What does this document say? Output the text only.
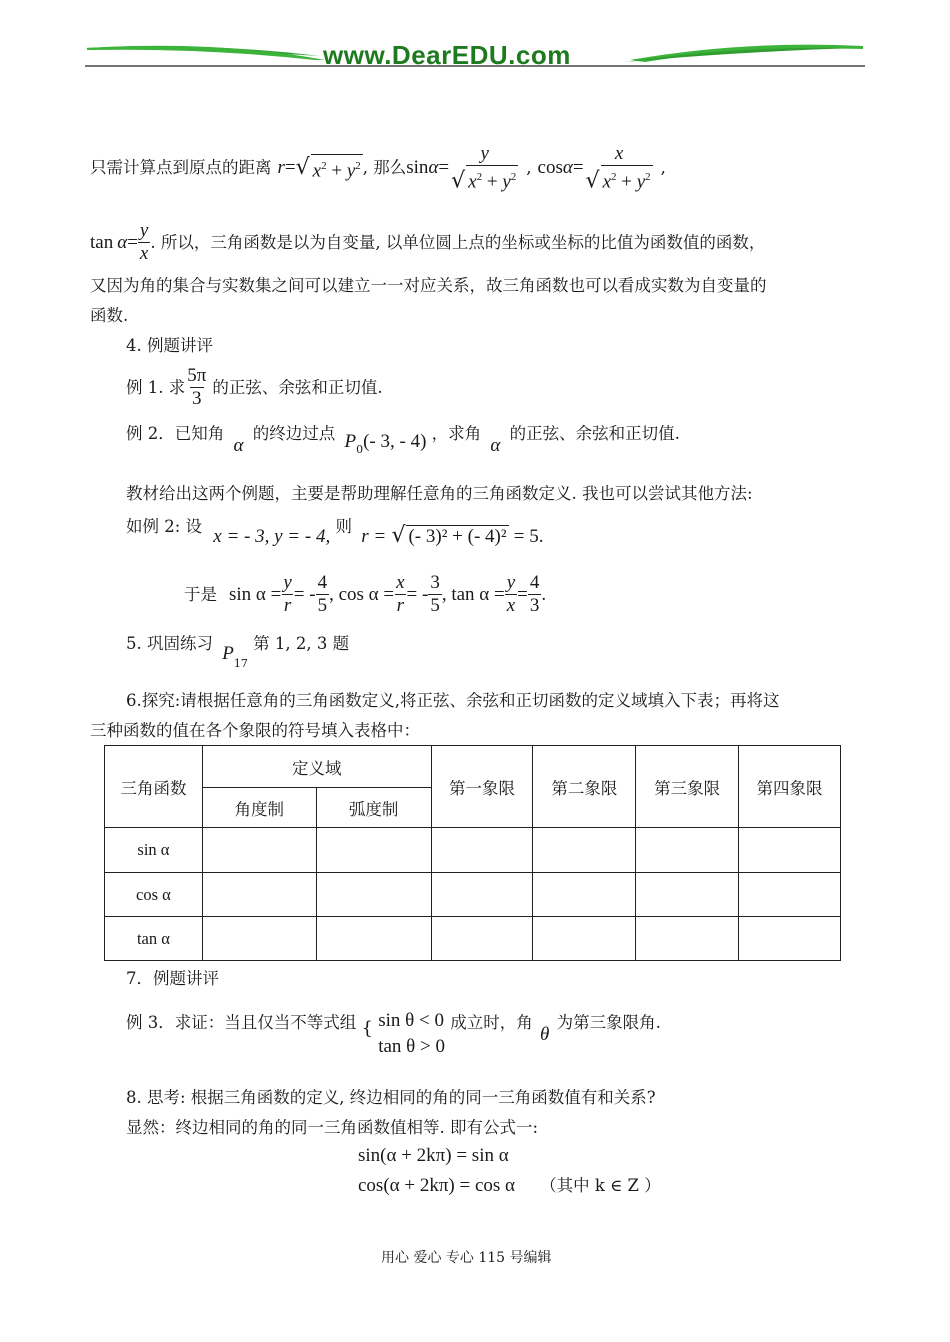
www.DearEDU.com
只需计算点到原点的距离 r = √ $x^2 + y^2$ , 那么 sin α =
y
√ $x^2 + y^2$ , cos α =
x
√ $x^2 + y^2$ ,
$\tan \alpha = \frac{y}{x}$ . 所以，三角函数是以为自变量, 以单位圆上点的坐标或坐标的比值为函数值的函数，
又因为角的集合与实数集之间可以建立一一对应关系，故三角函数也可以看成实数为自变量的
函数.
4. 例题讲评
例 1. 求 $\frac{5\pi}{3}$ 的正弦、余弦和正切值.
例 2．已知角 α 的终边过点 $P_0(-$ 3, - 4) ，求角 α 的正弦、余弦和正切值.
教材给出这两个例题，主要是帮助理解任意角的三角函数定义. 我也可以尝试其他方法:
如例 2: 设 x = - 3, y = - 4, 则 r = √ (- 3)² + (- 4)² = 5.
于是 $\sin \alpha = \frac{y}{r}$ = - $\frac{4}{5}$ , $\cos \alpha = \frac{x}{r}$ = - $\frac{3}{5}$ , $\tan \alpha = \frac{y}{x} = \frac{4}{3}$ .
5. 巩固练习 $P_{17}$ 第 1, 2, 3 题
6.探究:请根据任意角的三角函数定义,将正弦、余弦和正切函数的定义域填入下表；再将这
三种函数的值在各个象限的符号填入表格中：
三角函数	定义域		第一象限	第二象限	第三象限	第四象限
	角度制	弧度制				
sin α						
cos α						
tan α						
7．例题讲评
例 3．求证：当且仅当不等式组 { sin θ < 0
tan θ > 0
成立时，角 θ 为第三象限角.
8. 思考: 根据三角函数的定义, 终边相同的角的同一三角函数值有和关系?
显然：终边相同的角的同一三角函数值相等. 即有公式一:
sin(α + 2kπ) = sin α
cos(α + 2kπ) = cos α （其中 k ∈ Z ）
用心 爱心 专心 115 号编辑
